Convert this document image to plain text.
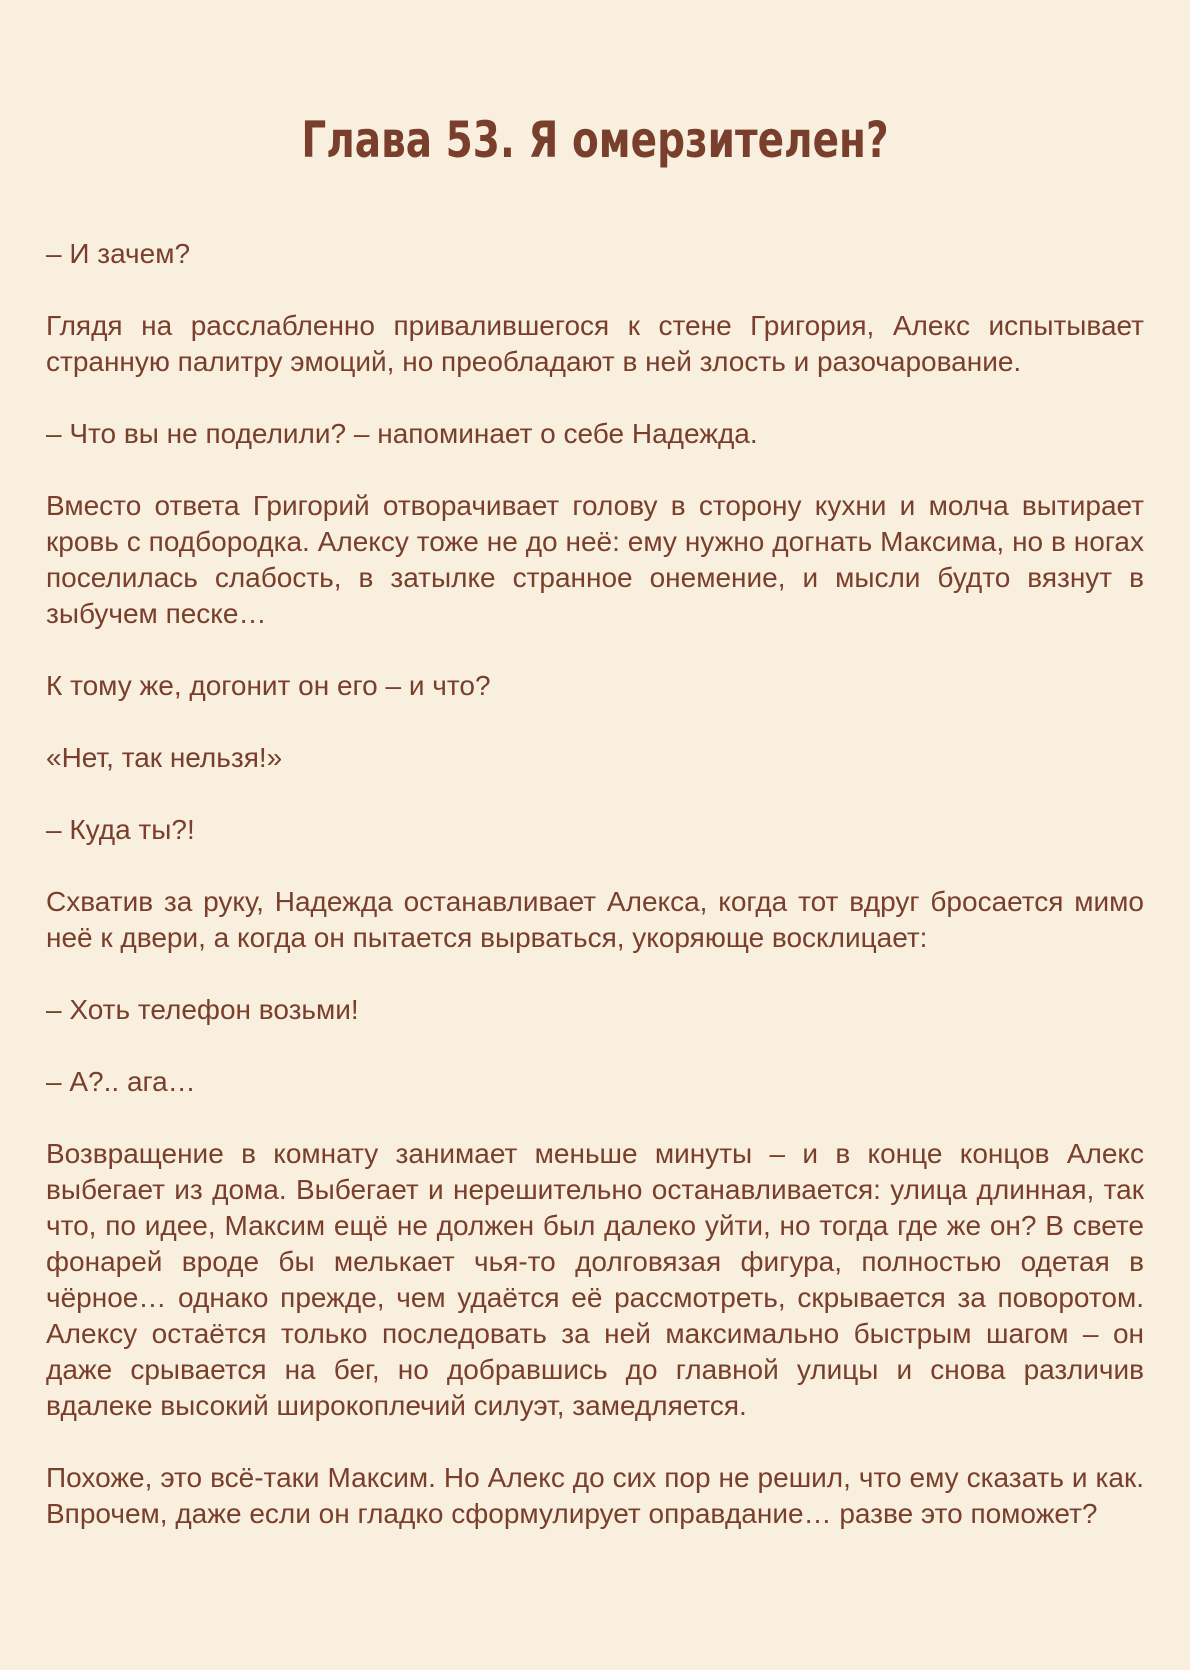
Глава 53. Я омерзителен?

– И зачем?

Глядя на расслабленно привалившегося к стене Григория, Алекс испытывает странную палитру эмоций, но преобладают в ней злость и разочарование.

– Что вы не поделили? – напоминает о себе Надежда.

Вместо ответа Григорий отворачивает голову в сторону кухни и молча вытирает кровь с подбородка. Алексу тоже не до неё: ему нужно догнать Максима, но в ногах поселилась слабость, в затылке странное онемение, и мысли будто вязнут в зыбучем песке…

К тому же, догонит он его – и что?

«Нет, так нельзя!»

– Куда ты?!

Схватив за руку, Надежда останавливает Алекса, когда тот вдруг бросается мимо неё к двери, а когда он пытается вырваться, укоряюще восклицает:

– Хоть телефон возьми!

– А?.. ага…

Возвращение в комнату занимает меньше минуты – и в конце концов Алекс выбегает из дома. Выбегает и нерешительно останавливается: улица длинная, так что, по идее, Максим ещё не должен был далеко уйти, но тогда где же он? В свете фонарей вроде бы мелькает чья-то долговязая фигура, полностью одетая в чёрное… однако прежде, чем удаётся её рассмотреть, скрывается за поворотом. Алексу остаётся только последовать за ней максимально быстрым шагом – он даже срывается на бег, но добравшись до главной улицы и снова различив вдалеке высокий широкоплечий силуэт, замедляется.

Похоже, это всё-таки Максим. Но Алекс до сих пор не решил, что ему сказать и как. Впрочем, даже если он гладко сформулирует оправдание… разве это поможет?
